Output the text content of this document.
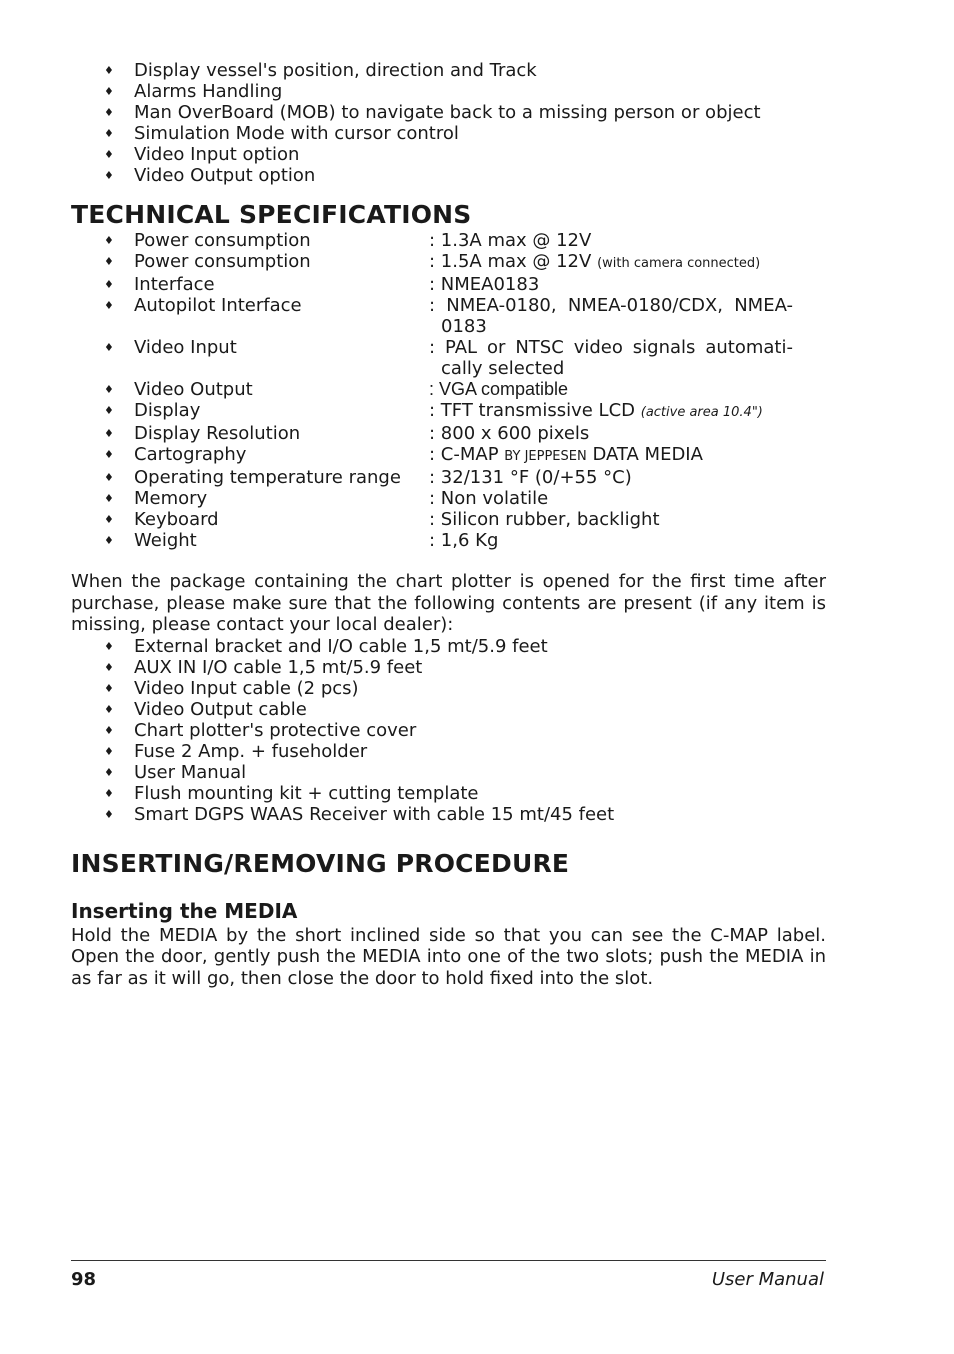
♦ Display vessel's position, direction and Track
♦ Alarms Handling
♦ Man OverBoard (MOB) to navigate back to a missing person or object
♦ Simulation Mode with cursor control
♦ Video Input option
♦ Video Output option
TECHNICAL SPECIFICATIONS
♦	Power consumption	: 1.3A max @ 12V
♦	Power consumption	: 1.5A max @ 12V (with camera connected)
♦	Interface	: NMEA0183
♦	Autopilot Interface	: NMEA-0180, NMEA-0180/CDX, NMEA-0183
♦	Video Input	: PAL or NTSC video signals automati-cally selected
♦	Video Output	: VGA compatible
♦	Display	: TFT transmissive LCD (active area 10.4")
♦	Display Resolution	: 800 x 600 pixels
♦	Cartography	: C-MAP BY JEPPESEN DATA MEDIA
♦	Operating temperature range	: 32/131 °F (0/+55 °C)
♦	Memory	: Non volatile
♦	Keyboard	: Silicon rubber, backlight
♦	Weight	: 1,6 Kg

When the package containing the chart plotter is opened for the first time after purchase, please make sure that the following contents are present (if any item is missing, please contact your local dealer):

♦ External bracket and I/O cable 1,5 mt/5.9 feet
♦ AUX IN I/O cable 1,5 mt/5.9 feet
♦ Video Input cable (2 pcs)
♦ Video Output cable
♦ Chart plotter's protective cover
♦ Fuse 2 Amp. + fuseholder
♦ User Manual
♦ Flush mounting kit + cutting template
♦ Smart DGPS WAAS Receiver with cable 15 mt/45 feet
INSERTING/REMOVING PROCEDURE
Inserting the MEDIA

Hold the MEDIA by the short inclined side so that you can see the C-MAP label. Open the door, gently push the MEDIA into one of the two slots; push the MEDIA in as far as it will go, then close the door to hold fixed into the slot.

98	User Manual
